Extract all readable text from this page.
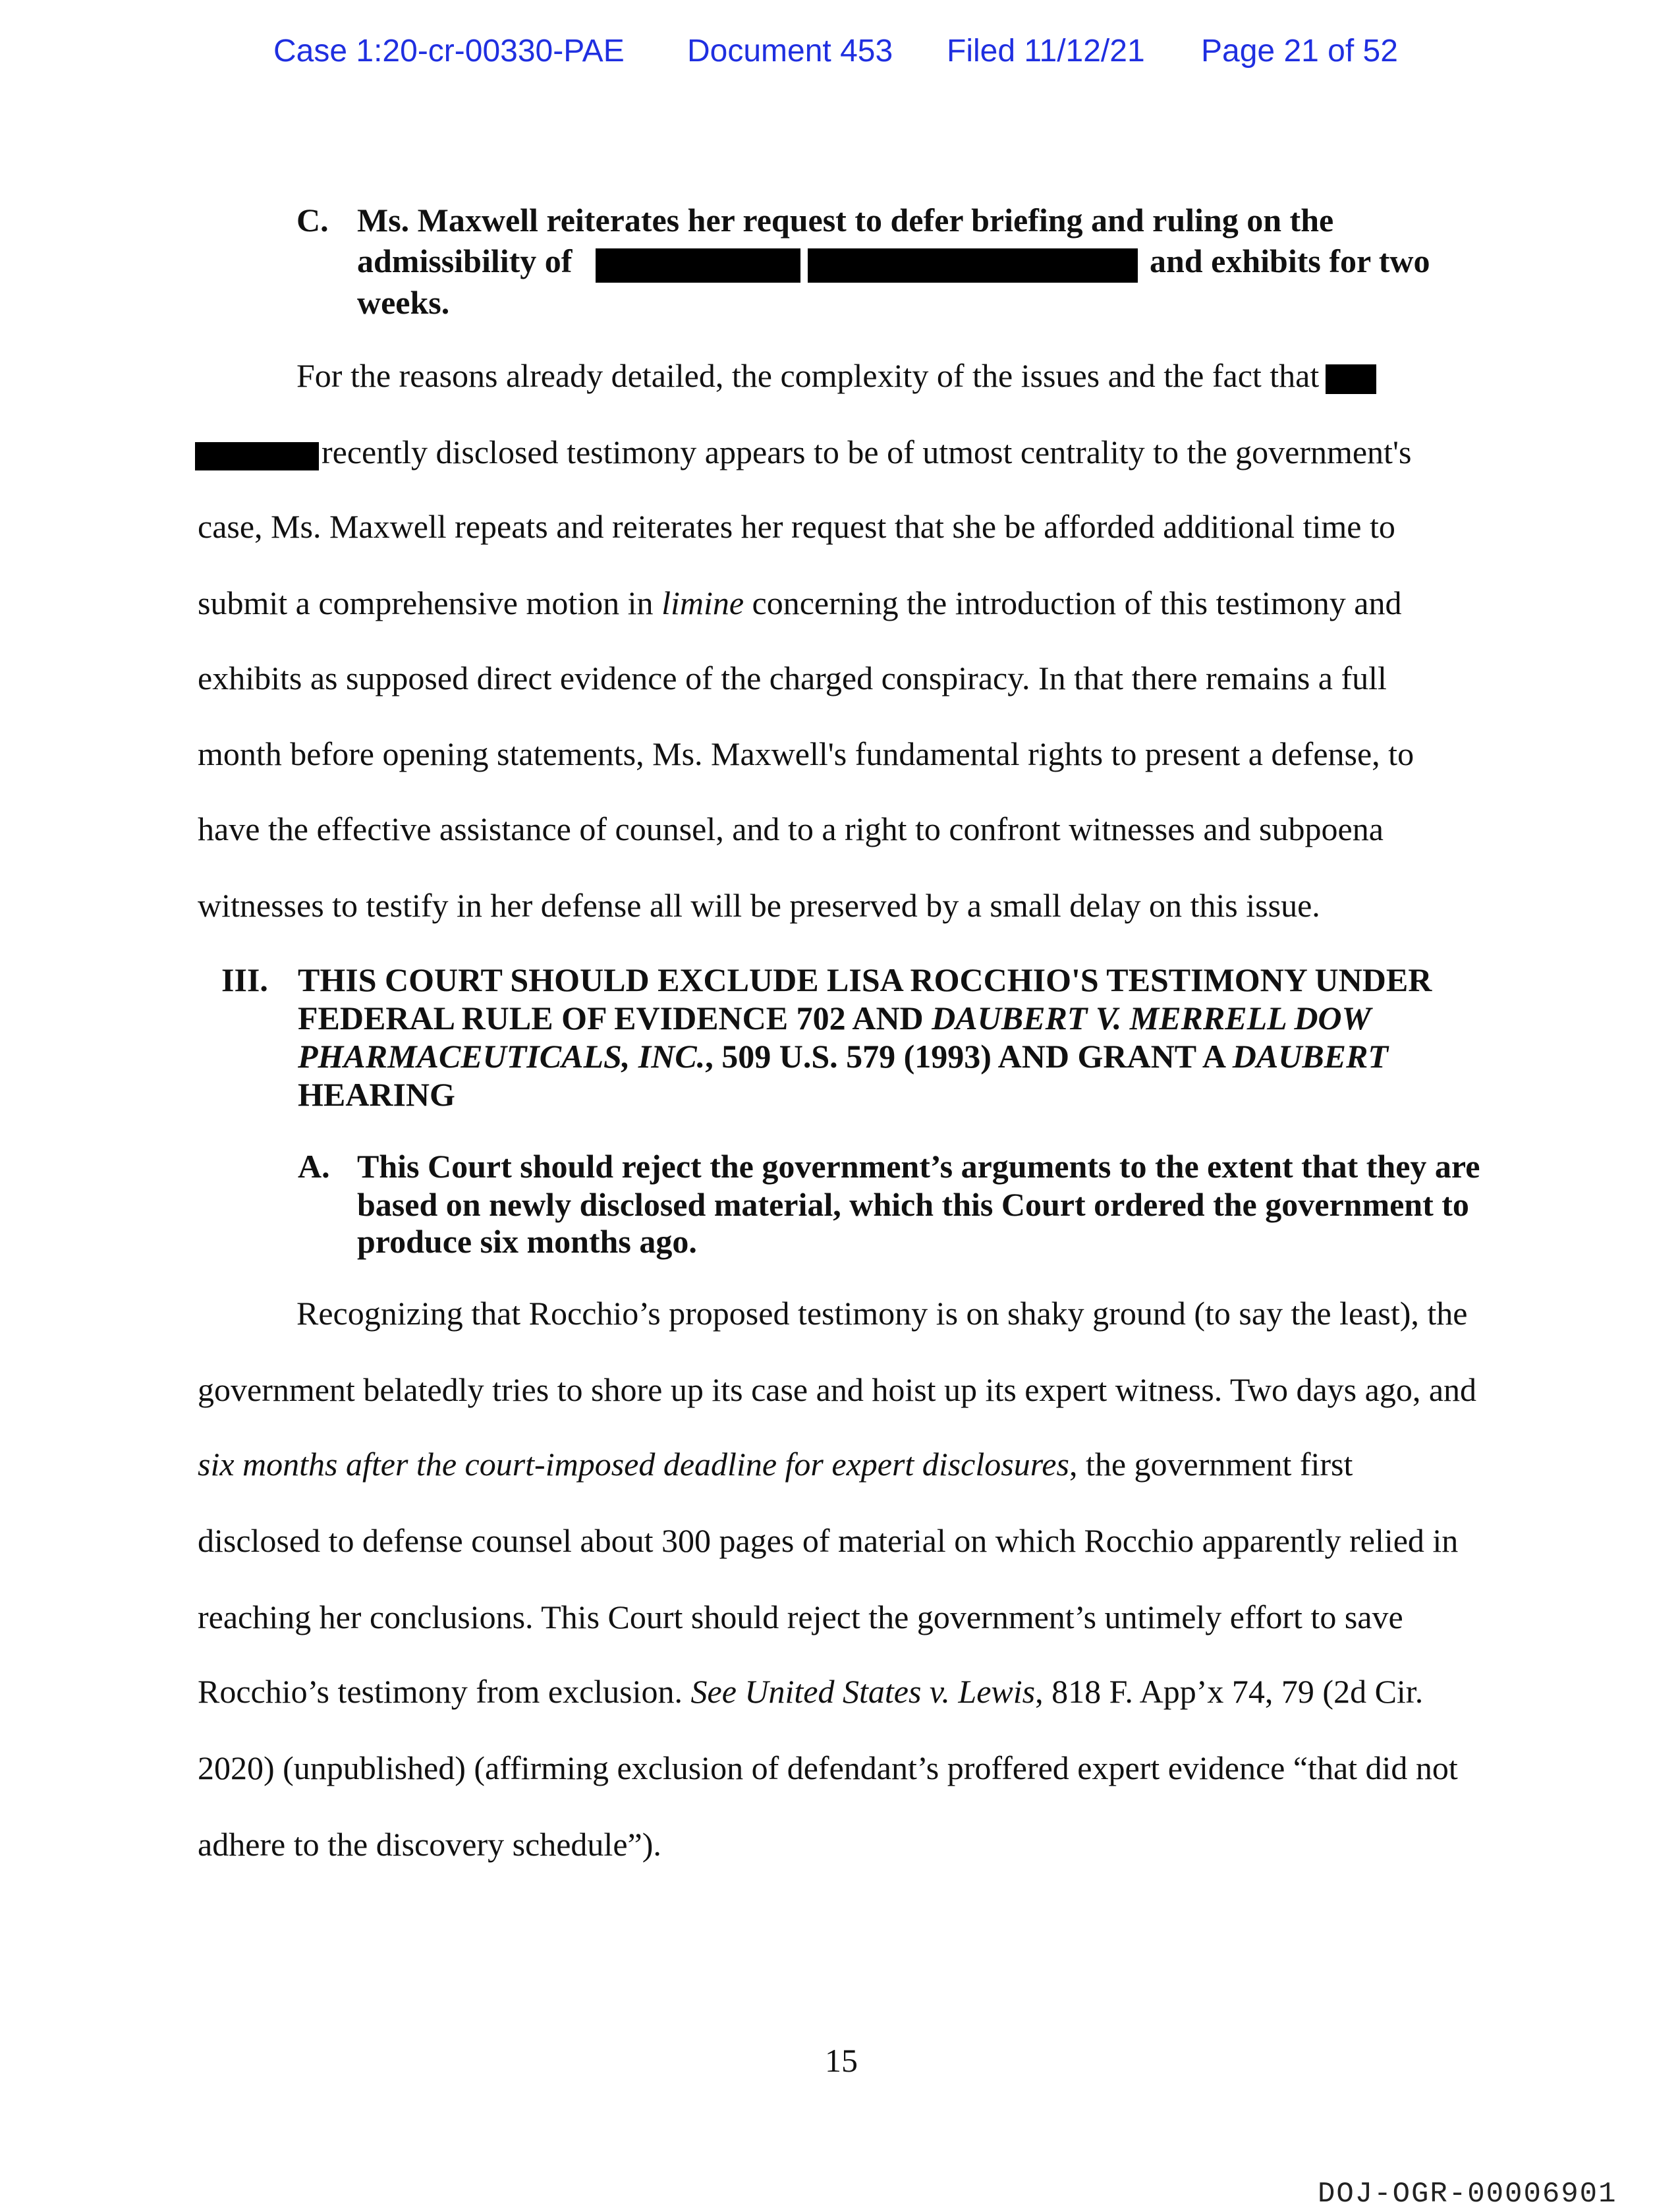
Case 1:20-cr-00330-PAE Document 453 Filed 11/12/21 Page 21 of 52
C. Ms. Maxwell reiterates her request to defer briefing and ruling on the
admissibility of	and exhibits for two
weeks.
For the reasons already detailed, the complexity of the issues and the fact that
recently disclosed testimony appears to be of utmost centrality to the government's
case, Ms. Maxwell repeats and reiterates her request that she be afforded additional time to
submit a comprehensive motion in limine concerning the introduction of this testimony and
exhibits as supposed direct evidence of the charged conspiracy. In that there remains a full
month before opening statements, Ms. Maxwell's fundamental rights to present a defense, to
have the effective assistance of counsel, and to a right to confront witnesses and subpoena
witnesses to testify in her defense all will be preserved by a small delay on this issue.
III. THIS COURT SHOULD EXCLUDE LISA ROCCHIO'S TESTIMONY UNDER
FEDERAL RULE OF EVIDENCE 702 AND DAUBERT V. MERRELL DOW
PHARMACEUTICALS, INC., 509 U.S. 579 (1993) AND GRANT A DAUBERT
HEARING
A. This Court should reject the government’s arguments to the extent that they are
based on newly disclosed material, which this Court ordered the government to
produce six months ago.
Recognizing that Rocchio’s proposed testimony is on shaky ground (to say the least), the
government belatedly tries to shore up its case and hoist up its expert witness. Two days ago, and
six months after the court-imposed deadline for expert disclosures, the government first
disclosed to defense counsel about 300 pages of material on which Rocchio apparently relied in
reaching her conclusions. This Court should reject the government’s untimely effort to save
Rocchio’s testimony from exclusion. See United States v. Lewis, 818 F. App’x 74, 79 (2d Cir.
2020) (unpublished) (affirming exclusion of defendant’s proffered expert evidence “that did not
adhere to the discovery schedule”).
15
DOJ-OGR-00006901
